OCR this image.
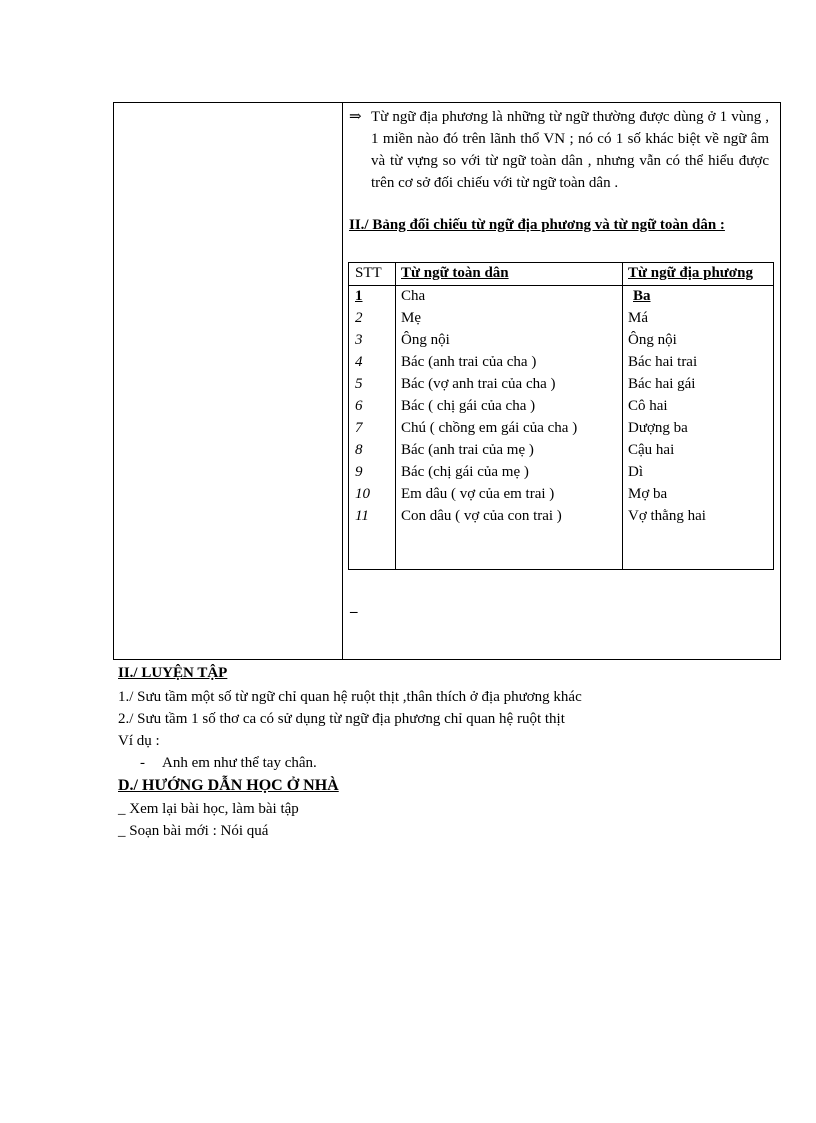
⇒ Từ ngữ địa phương là những từ ngữ thường được dùng ở 1 vùng , 1 miền nào đó trên lãnh thổ VN ; nó có 1 số khác biệt về ngữ âm và từ vựng so với từ ngữ toàn dân , nhưng vẫn có thể hiểu được trên cơ sở đối chiếu với từ ngữ toàn dân .
II./ Bảng đối chiếu từ ngữ địa phương và từ ngữ toàn dân :
STT Từ ngữ toàn dân	Từ ngữ địa phương
1	Cha	Ba
2	Mẹ	Má
3	Ông nội	Ông nội
4	Bác (anh trai của cha )	Bác hai trai
5	Bác (vợ anh trai của cha )	Bác hai gái
6	Bác ( chị gái của cha )	Cô hai
7	Chú ( chồng em gái của cha )	Dượng ba
8	Bác (anh trai của mẹ )	Cậu hai
9	Bác (chị gái của mẹ )	Dì
10 Em dâu ( vợ của em trai )	Mợ ba
11 Con dâu ( vợ của con trai )	Vợ thằng hai
–
II./ LUYỆN TẬP
1./ Sưu tầm một số từ ngữ chỉ quan hệ ruột thịt ,thân thích ở địa phương khác
2./ Sưu tầm 1 số thơ ca có sử dụng từ ngữ địa phương chỉ quan hệ ruột thịt
Ví dụ :
- Anh em như thể tay chân.
D./ HƯỚNG DẪN HỌC Ở NHÀ
_ Xem lại bài học, làm bài tập
_ Soạn bài mới : Nói quá
